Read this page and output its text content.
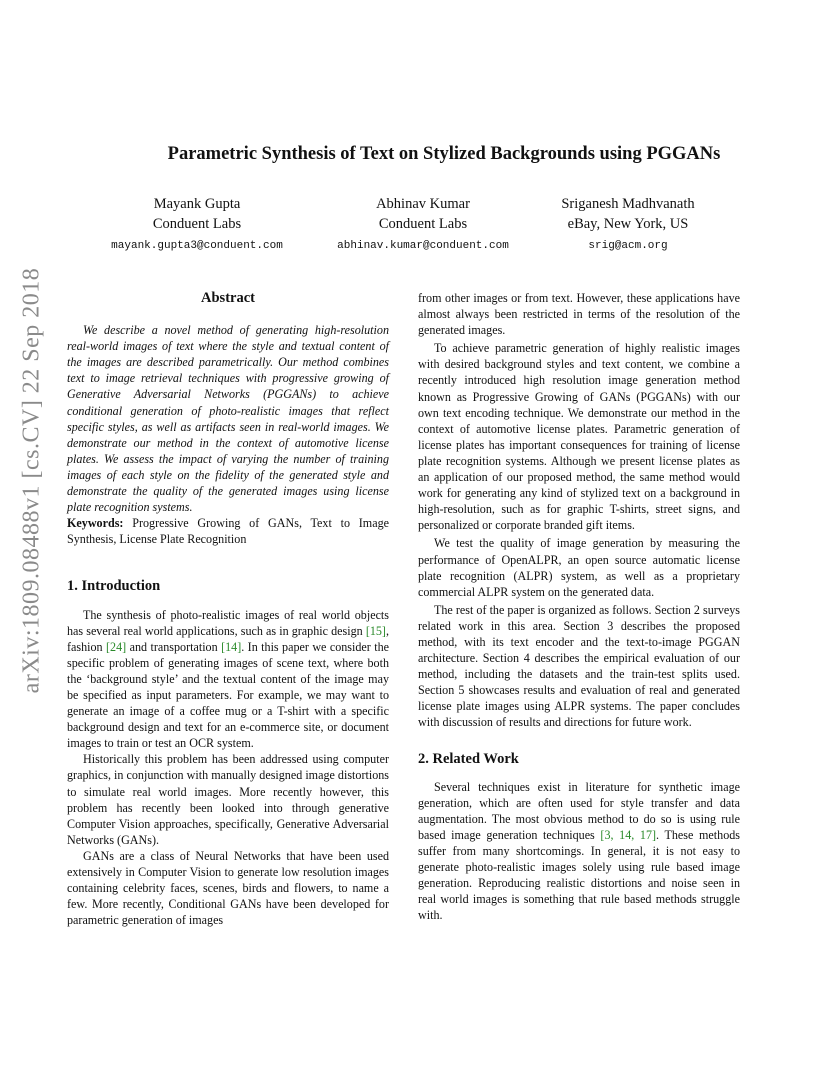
arXiv:1809.08488v1 [cs.CV] 22 Sep 2018
Parametric Synthesis of Text on Stylized Backgrounds using PGGANs
Mayank Gupta
Conduent Labs
mayank.gupta3@conduent.com
Abhinav Kumar
Conduent Labs
abhinav.kumar@conduent.com
Sriganesh Madhvanath
eBay, New York, US
srig@acm.org
Abstract

We describe a novel method of generating high-resolution real-world images of text where the style and textual content of the images are described parametrically. Our method combines text to image retrieval techniques with progressive growing of Generative Adversarial Networks (PGGANs) to achieve conditional generation of photo-realistic images that reflect specific styles, as well as artifacts seen in real-world images. We demonstrate our method in the context of automotive license plates. We assess the impact of varying the number of training images of each style on the fidelity of the generated style and demonstrate the quality of the generated images using license plate recognition systems.

Keywords: Progressive Growing of GANs, Text to Image Synthesis, License Plate Recognition

1. Introduction

The synthesis of photo-realistic images of real world objects has several real world applications, such as in graphic design [15], fashion [24] and transportation [14]. In this paper we consider the specific problem of generating images of scene text, where both the ‘background style’ and the textual content of the image may be specified as input parameters. For example, we may want to generate an image of a coffee mug or a T-shirt with a specific background design and text for an e-commerce site, or document images to train or test an OCR system.

Historically this problem has been addressed using computer graphics, in conjunction with manually designed image distortions to simulate real world images. More recently however, this problem has recently been looked into through generative Computer Vision approaches, specifically, Generative Adversarial Networks (GANs).

GANs are a class of Neural Networks that have been used extensively in Computer Vision to generate low resolution images containing celebrity faces, scenes, birds and flowers, to name a few. More recently, Conditional GANs have been developed for parametric generation of images

from other images or from text. However, these applications have almost always been restricted in terms of the resolution of the generated images.

To achieve parametric generation of highly realistic images with desired background styles and text content, we combine a recently introduced high resolution image generation method known as Progressive Growing of GANs (PGGANs) with our own text encoding technique. We demonstrate our method in the context of automotive license plates. Parametric generation of license plates has important consequences for training of license plate recognition systems. Although we present license plates as an application of our proposed method, the same method would work for generating any kind of stylized text on a background in high-resolution, such as for graphic T-shirts, street signs, and personalized or corporate branded gift items.

We test the quality of image generation by measuring the performance of OpenALPR, an open source automatic license plate recognition (ALPR) system, as well as a proprietary commercial ALPR system on the generated data.

The rest of the paper is organized as follows. Section 2 surveys related work in this area. Section 3 describes the proposed method, with its text encoder and the text-to-image PGGAN architecture. Section 4 describes the empirical evaluation of our method, including the datasets and the train-test splits used. Section 5 showcases results and evaluation of real and generated license plate images using ALPR systems. The paper concludes with discussion of results and directions for future work.

2. Related Work

Several techniques exist in literature for synthetic image generation, which are often used for style transfer and data augmentation. The most obvious method to do so is using rule based image generation techniques [3, 14, 17]. These methods suffer from many shortcomings. In general, it is not easy to generate photo-realistic images solely using rule based image generation. Reproducing realistic distortions and noise seen in real world images is something that rule based methods struggle with.
